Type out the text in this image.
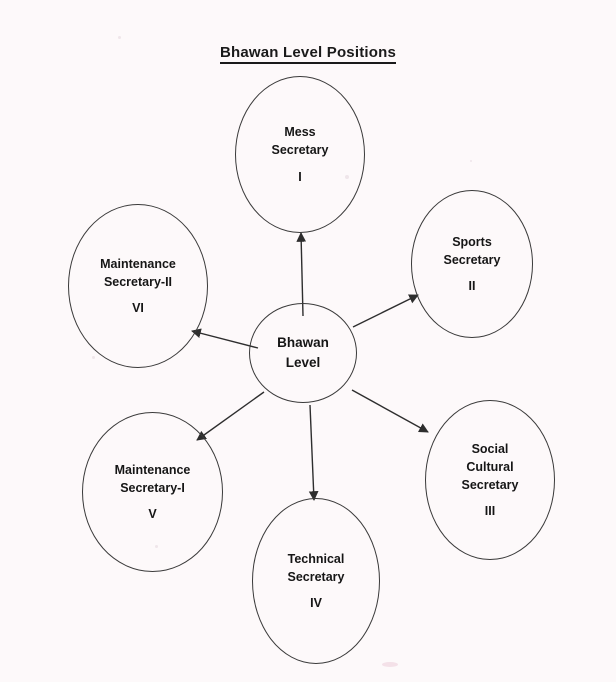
Bhawan Level Positions
Bhawan
Level
Mess
Secretary
I
Sports
Secretary
II
Social
Cultural
Secretary
III
Technical
Secretary
IV
Maintenance
Secretary-I
V
Maintenance
Secretary-II
VI
